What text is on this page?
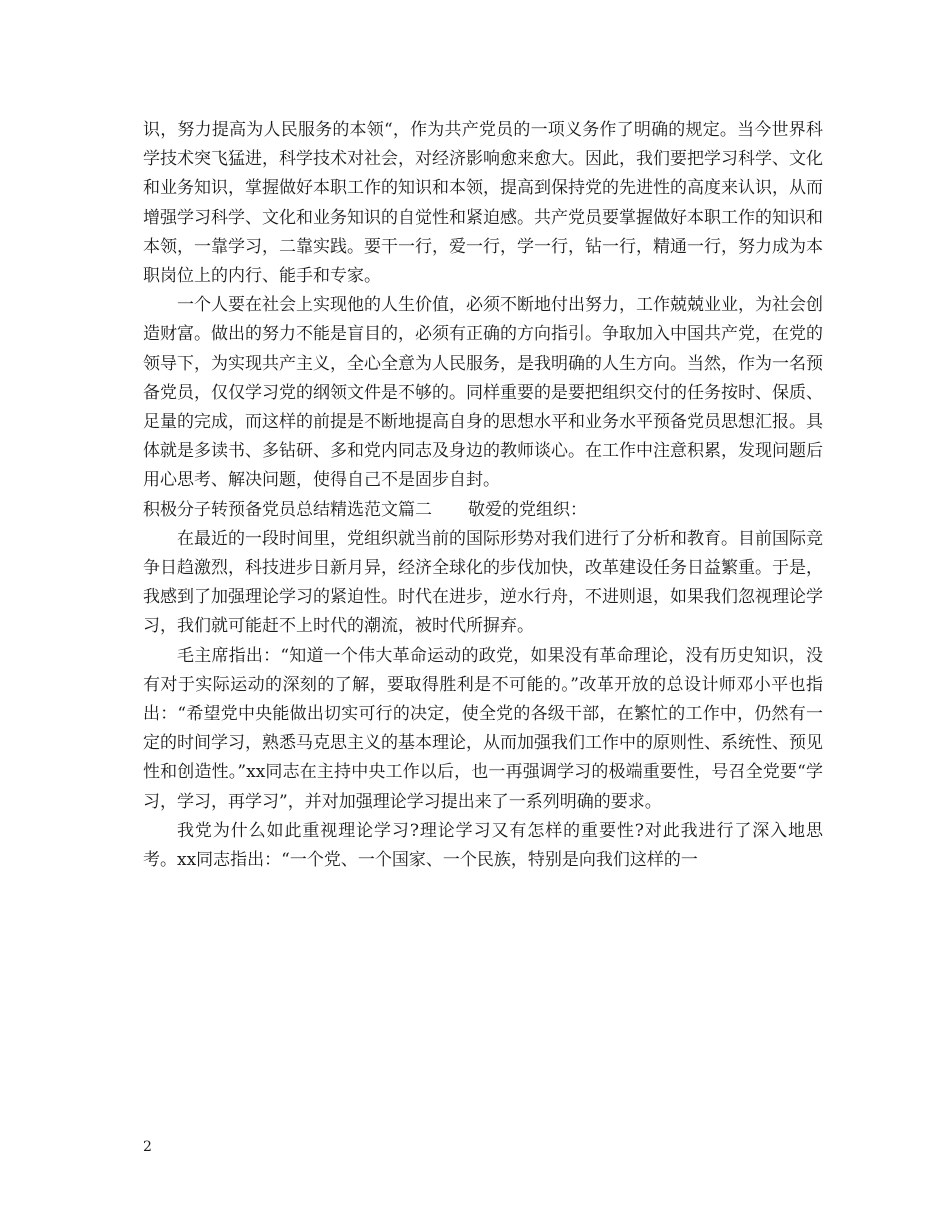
识，努力提高为人民服务的本领“，作为共产党员的一项义务作了明确的规定。当今世界科学技术突飞猛进，科学技术对社会，对经济影响愈来愈大。因此，我们要把学习科学、文化和业务知识，掌握做好本职工作的知识和本领，提高到保持党的先进性的高度来认识，从而增强学习科学、文化和业务知识的自觉性和紧迫感。共产党员要掌握做好本职工作的知识和本领，一靠学习，二靠实践。要干一行，爱一行，学一行，钻一行，精通一行，努力成为本职岗位上的内行、能手和专家。

一个人要在社会上实现他的人生价值，必须不断地付出努力，工作兢兢业业，为社会创造财富。做出的努力不能是盲目的，必须有正确的方向指引。争取加入中国共产党，在党的领导下，为实现共产主义，全心全意为人民服务，是我明确的人生方向。当然，作为一名预备党员，仅仅学习党的纲领文件是不够的。同样重要的是要把组织交付的任务按时、保质、足量的完成，而这样的前提是不断地提高自身的思想水平和业务水平预备党员思想汇报。具体就是多读书、多钻研、多和党内同志及身边的教师谈心。在工作中注意积累，发现问题后用心思考、解决问题，使得自己不是固步自封。

积极分子转预备党员总结精选范文篇二 敬爱的党组织：

在最近的一段时间里，党组织就当前的国际形势对我们进行了分析和教育。目前国际竞争日趋激烈，科技进步日新月异，经济全球化的步伐加快，改革建设任务日益繁重。于是，我感到了加强理论学习的紧迫性。时代在进步，逆水行舟，不进则退，如果我们忽视理论学习，我们就可能赶不上时代的潮流，被时代所摒弃。

毛主席指出：“知道一个伟大革命运动的政党，如果没有革命理论，没有历史知识，没有对于实际运动的深刻的了解，要取得胜利是不可能的。”改革开放的总设计师邓小平也指出：“希望党中央能做出切实可行的决定，使全党的各级干部，在繁忙的工作中，仍然有一定的时间学习，熟悉马克思主义的基本理论，从而加强我们工作中的原则性、系统性、预见性和创造性。”xx同志在主持中央工作以后，也一再强调学习的极端重要性，号召全党要“学习，学习，再学习”，并对加强理论学习提出来了一系列明确的要求。

我党为什么如此重视理论学习?理论学习又有怎样的重要性?对此我进行了深入地思考。xx同志指出：“一个党、一个国家、一个民族，特别是向我们这样的一

2
